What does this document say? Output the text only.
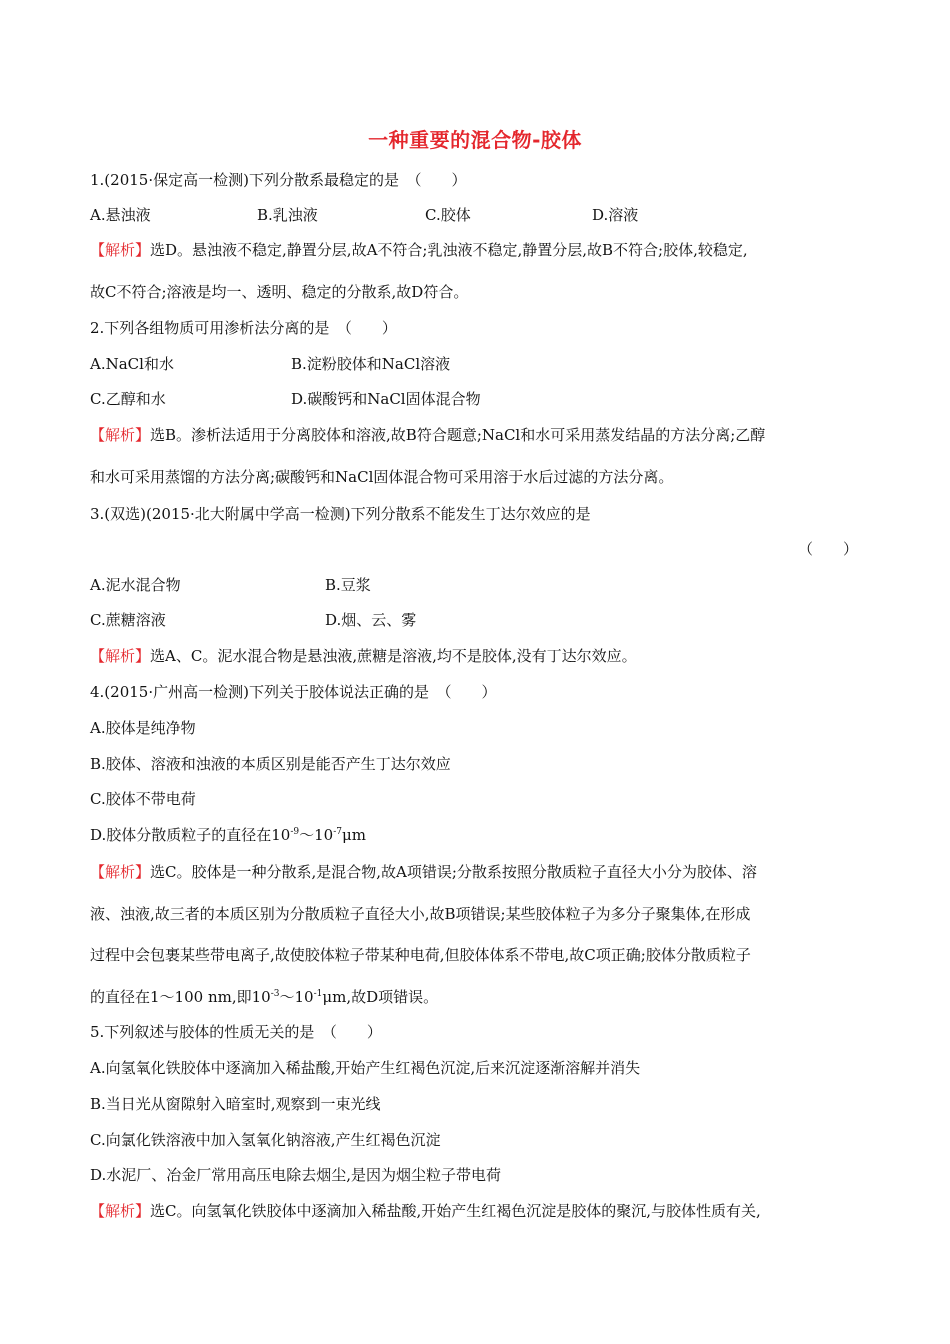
一种重要的混合物-胶体
1.(2015·保定高一检测)下列分散系最稳定的是　（　　）
A.悬浊液	B.乳浊液	C.胶体	D.溶液
【解析】选D。悬浊液不稳定,静置分层,故A不符合;乳浊液不稳定,静置分层,故B不符合;胶体,较稳定,
故C不符合;溶液是均一、透明、稳定的分散系,故D符合。
2.下列各组物质可用渗析法分离的是　（　　）
A.NaCl和水	B.淀粉胶体和NaCl溶液
C.乙醇和水	D.碳酸钙和NaCl固体混合物
【解析】选B。渗析法适用于分离胶体和溶液,故B符合题意;NaCl和水可采用蒸发结晶的方法分离;乙醇
和水可采用蒸馏的方法分离;碳酸钙和NaCl固体混合物可采用溶于水后过滤的方法分离。
3.(双选)(2015·北大附属中学高一检测)下列分散系不能发生丁达尔效应的是
（　　）
A.泥水混合物	B.豆浆
C.蔗糖溶液	D.烟、云、雾
【解析】选A、C。泥水混合物是悬浊液,蔗糖是溶液,均不是胶体,没有丁达尔效应。
4.(2015·广州高一检测)下列关于胶体说法正确的是　（　　）
A.胶体是纯净物
B.胶体、溶液和浊液的本质区别是能否产生丁达尔效应
C.胶体不带电荷
D.胶体分散质粒子的直径在$10^{-9}\sim 10^{-7}\mu m$
【解析】选C。胶体是一种分散系,是混合物,故A项错误;分散系按照分散质粒子直径大小分为胶体、溶
液、浊液,故三者的本质区别为分散质粒子直径大小,故B项错误;某些胶体粒子为多分子聚集体,在形成
过程中会包裹某些带电离子,故使胶体粒子带某种电荷,但胶体体系不带电,故C项正确;胶体分散质粒子
的直径在1～100 nm,即$10^{-3}\sim 10^{-1}\mu m$,故D项错误。
5.下列叙述与胶体的性质无关的是　（　　）
A.向氢氧化铁胶体中逐滴加入稀盐酸,开始产生红褐色沉淀,后来沉淀逐渐溶解并消失
B.当日光从窗隙射入暗室时,观察到一束光线
C.向氯化铁溶液中加入氢氧化钠溶液,产生红褐色沉淀
D.水泥厂、冶金厂常用高压电除去烟尘,是因为烟尘粒子带电荷
【解析】选C。向氢氧化铁胶体中逐滴加入稀盐酸,开始产生红褐色沉淀是胶体的聚沉,与胶体性质有关,
